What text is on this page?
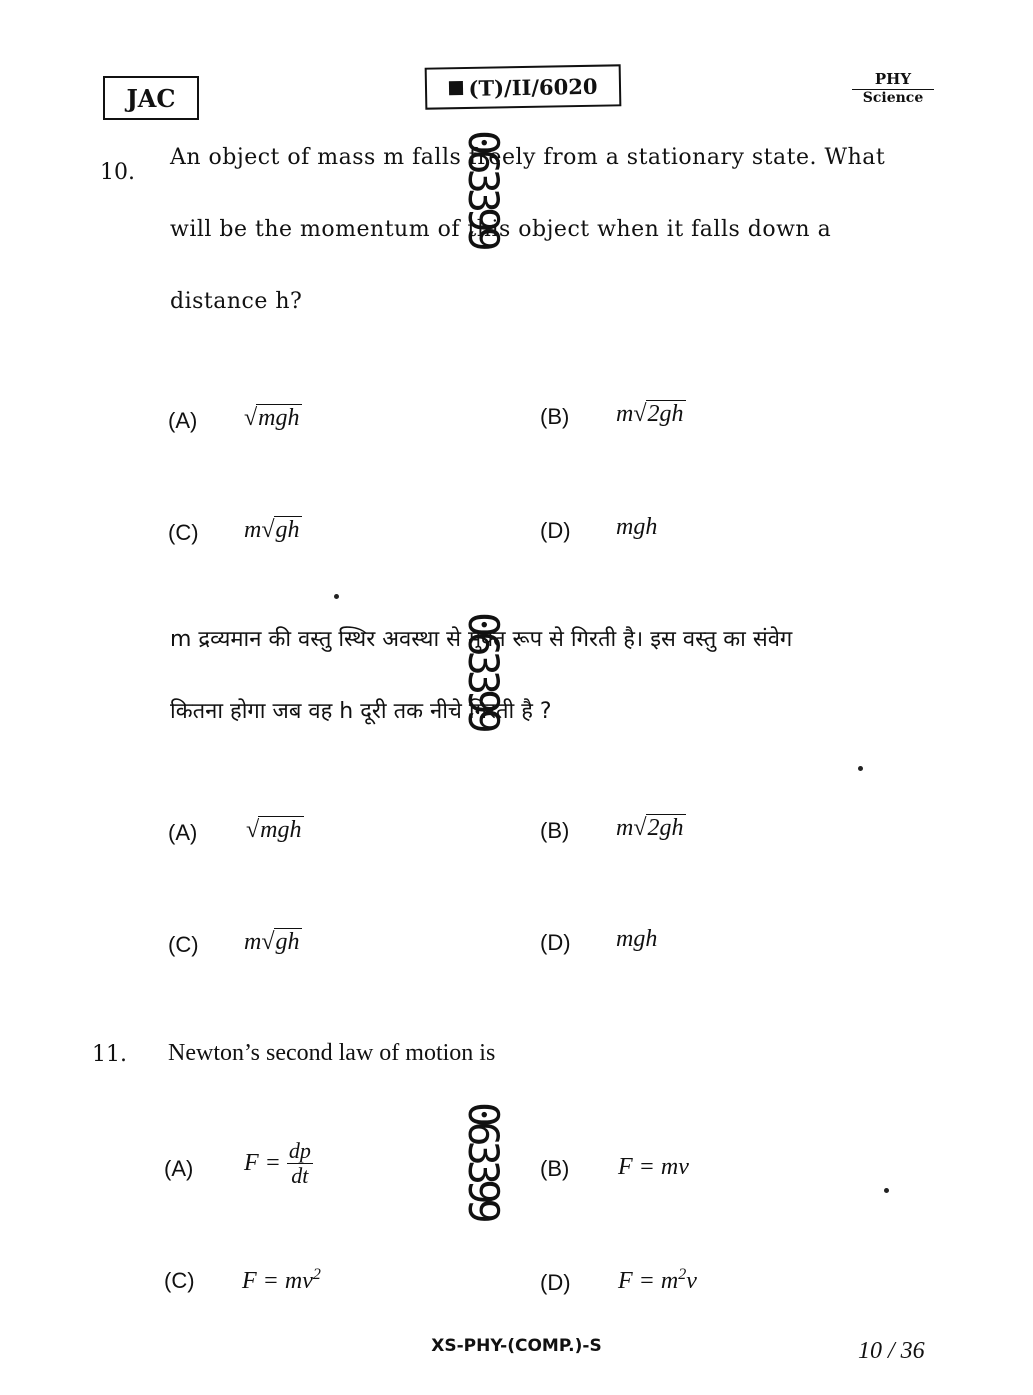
JAC	(T)/II/6020	PHY
Science
063399
063399
063399
10.
An object of mass m falls freely from a stationary state. What
will be the momentum of this object when it falls down a
distance h?
(A) √mgh	(B) m√2gh
(C) m√gh	(D) mgh
m द्रव्यमान की वस्तु स्थिर अवस्था से मुक्त रूप से गिरती है। इस वस्तु का संवेग
कितना होगा जब वह h दूरी तक नीचे गिरती है ?
(A) √mgh	(B) m√2gh
(C) m√gh	(D) mgh
11. Newton’s second law of motion is
(A) $F = \frac{dp}{dt}$	(B) F = mv
(C) $F = mv^2$	(D) $F = m^2v$
XS-PHY-(COMP.)-S	10 / 36
